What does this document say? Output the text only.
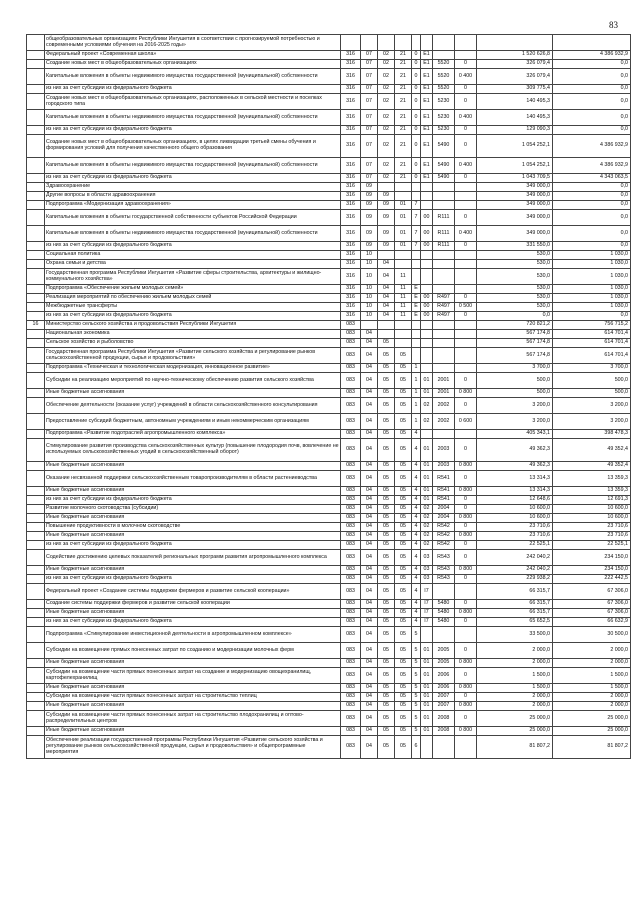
83
	общеобразовательных организациях Республики Ингушетия в соответствии с прогнозируемой потребностью и современными условиями обучения на 2016-2025 годы»										
	Федеральный проект «Современная школа»	316	07	02	21	0	E1			1 520 626,8	4 386 932,9
	Создание новых мест в общеобразовательных организациях	316	07	02	21	0	E1	5520	0	326 079,4	0,0
	Капитальные вложения в объекты недвижимого имущества государственной (муниципальной) собственности	316	07	02	21	0	E1	5520	0 400	326 079,4	0,0
	из них за счет субсидии из федерального бюджета	316	07	02	21	0	E1	5520	0	309 775,4	0,0
	Создание новых мест в общеобразовательных организациях, расположенных в сельской местности и поселках городского типа	316	07	02	21	0	E1	5230	0	140 495,3	0,0
	Капитальные вложения в объекты недвижимого имущества государственной (муниципальной) собственности	316	07	02	21	0	E1	5230	0 400	140 495,3	0,0
	из них за счет субсидии из федерального бюджета	316	07	02	21	0	E1	5230	0	129 090,3	0,0
	Создание новых мест в общеобразовательных организациях, в целях ликвидации третьей смены обучения и формирования условий для получения качественного общего образования	316	07	02	21	0	E1	5490	0	1 054 252,1	4 386 932,9
	Капитальные вложения в объекты недвижимого имущества государственной (муниципальной) собственности	316	07	02	21	0	E1	5490	0 400	1 054 252,1	4 386 932,9
	из них за счет субсидии из федерального бюджета	316	07	02	21	0	E1	5490	0	1 043 709,5	4 343 063,5
	Здравоохранение	316	09							349 000,0	0,0
	Другие вопросы в области здравоохранения	316	09	09						349 000,0	0,0
	Подпрограмма «Модернизация здравоохранения»	316	09	09	01	7				349 000,0	0,0
	Капитальные вложения в объекты государственной собственности субъектов Российской Федерации	316	09	09	01	7	00	R111	0	349 000,0	0,0
	Капитальные вложения в объекты недвижимого имущества государственной (муниципальной) собственности	316	09	09	01	7	00	R111	0 400	349 000,0	0,0
	из них за счет субсидии из федерального бюджета	316	09	09	01	7	00	R111	0	331 550,0	0,0
	Социальная политика	316	10							530,0	1 030,0
	Охрана семьи и детства	316	10	04						530,0	1 030,0
	Государственная программа Республики Ингушетия «Развитие сферы строительства, архитектуры и жилищно-коммунального хозяйства»	316	10	04	11					530,0	1 030,0
	Подпрограмма «Обеспечение жильем молодых семей»	316	10	04	11	E				530,0	1 030,0
	Реализация мероприятий по обеспечению жильем молодых семей	316	10	04	11	E	00	R497	0	530,0	1 030,0
	Межбюджетные трансферты	316	10	04	11	E	00	R497	0 500	530,0	1 030,0
	из них за счет субсидии из федерального бюджета	316	10	04	11	E	00	R497	0	0,0	0,0
16	Министерство сельского хозяйства и продовольствия Республики Ингушетия	083								720 821,2	756 715,2
	Национальная экономика	083	04							567 174,8	614 701,4
	Сельское хозяйство и рыболовство	083	04	05						567 174,8	614 701,4
	Государственная программа Республики Ингушетия «Развитие сельского хозяйства и регулирование рынков сельскохозяйственной продукции, сырья и продовольствия»	083	04	05	05					567 174,8	614 701,4
	Подпрограмма «Техническая и технологическая модернизация, инновационное развитие»	083	04	05	05	1				3 700,0	3 700,0
	Субсидии на реализацию мероприятий по научно-техническому обеспечению развития сельского хозяйства	083	04	05	05	1	01	2001	0	500,0	500,0
	Иные бюджетные ассигнования	083	04	05	05	1	01	2001	0 800	500,0	500,0
	Обеспечение деятельности (оказание услуг) учреждений в области сельскохозяйственного консультирования	083	04	05	05	1	02	2002	0	3 200,0	3 200,0
	Предоставление субсидий бюджетным, автономным учреждениям и иным некоммерческим организациям	083	04	05	05	1	02	2002	0 600	3 200,0	3 200,0
	Подпрограмма «Развитие подотраслей агропромышленного комплекса»	083	04	05	05	4				405 343,1	398 478,3
	Стимулирование развития производства сельскохозяйственных культур (повышение плодородия почв, вовлечение не используемых сельскохозяйственных угодий в сельскохозяйственный оборот)	083	04	05	05	4	01	2003	0	49 362,3	49 352,4
	Иные бюджетные ассигнования	083	04	05	05	4	01	2003	0 800	49 362,3	49 352,4
	Оказание несвязанной поддержки сельскохозяйственным товаропроизводителям в области растениеводства	083	04	05	05	4	01	R541	0	13 314,3	13 359,3
	Иные бюджетные ассигнования	083	04	05	05	4	01	R541	0 800	13 314,3	13 359,3
	из них за счет субсидии из федерального бюджета	083	04	05	05	4	01	R541	0	12 648,6	12 691,3
	Развитие молочного скотоводства (субсидии)	083	04	05	05	4	02	2004	0	10 600,0	10 600,0
	Иные бюджетные ассигнования	083	04	05	05	4	02	2004	0 800	10 600,0	10 600,0
	Повышение продуктивности в молочном скотоводстве	083	04	05	05	4	02	R542	0	23 710,6	23 710,6
	Иные бюджетные ассигнования	083	04	05	05	4	02	R542	0 800	23 710,6	23 710,6
	из них за счет субсидии из федерального бюджета	083	04	05	05	4	02	R542	0	22 525,1	22 525,1
	Содействие достижению целевых показателей региональных программ развития агропромышленного комплекса	083	04	05	05	4	03	R543	0	242 040,2	234 150,0
	Иные бюджетные ассигнования	083	04	05	05	4	03	R543	0 800	242 040,2	234 150,0
	из них за счет субсидии из федерального бюджета	083	04	05	05	4	03	R543	0	229 938,2	222 442,5
	Федеральный проект «Создание системы поддержки фермеров и развитие сельской кооперации»	083	04	05	05	4	I7			66 315,7	67 306,0
	Создание системы поддержки фермеров и развитие сельской кооперации	083	04	05	05	4	I7	5480	0	66 315,7	67 306,0
	Иные бюджетные ассигнования	083	04	05	05	4	I7	5480	0 800	66 315,7	67 306,0
	из них за счет субсидии из федерального бюджета	083	04	05	05	4	I7	5480	0	65 652,5	66 632,9
	Подпрограмма «Стимулирование инвестиционной деятельности в агропромышленном комплексе»	083	04	05	05	5				33 500,0	30 500,0
	Субсидии на возмещение прямых понесенных затрат по созданию и модернизации молочных ферм	083	04	05	05	5	01	2005	0	2 000,0	2 000,0
	Иные бюджетные ассигнования	083	04	05	05	5	01	2005	0 800	2 000,0	2 000,0
	Субсидии на возмещение части прямых понесенных затрат на создание и модернизацию овощехранилищ, картофелехранилищ	083	04	05	05	5	01	2006	0	1 500,0	1 500,0
	Иные бюджетные ассигнования	083	04	05	05	5	01	2006	0 800	1 500,0	1 500,0
	Субсидии на возмещение части прямых понесенных затрат на строительство теплиц	083	04	05	05	5	01	2007	0	2 000,0	2 000,0
	Иные бюджетные ассигнования	083	04	05	05	5	01	2007	0 800	2 000,0	2 000,0
	Субсидии на возмещение части прямых понесенных затрат на строительство плодохранилищ и оптово-распределительных центров	083	04	05	05	5	01	2008	0	25 000,0	25 000,0
	Иные бюджетные ассигнования	083	04	05	05	5	01	2008	0 800	25 000,0	25 000,0
	Обеспечение реализации государственной программы Республики Ингушетия «Развитие сельского хозяйства и регулирование рынков сельскохозяйственной продукции, сырья и продовольствия» и общепрограммные мероприятия	083	04	05	05	6				81 807,2	81 807,2
